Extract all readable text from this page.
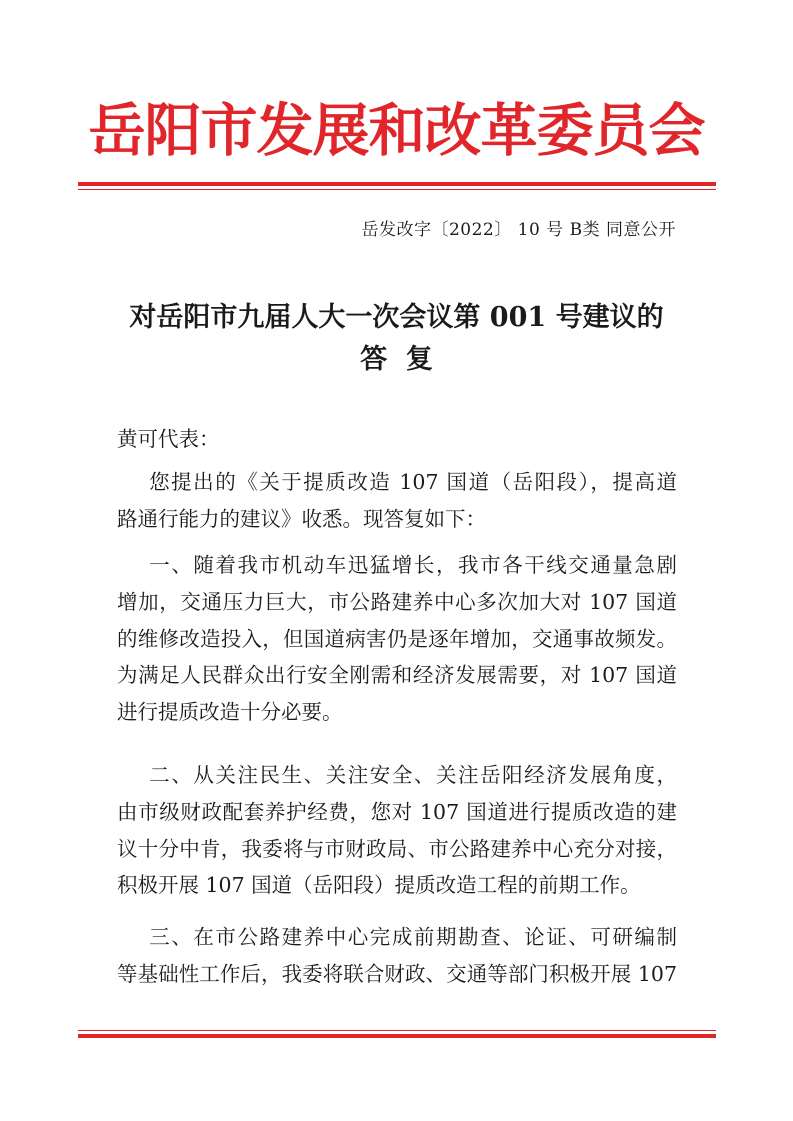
岳阳市发展和改革委员会
岳发改字〔2022〕 10 号 B类 同意公开
对岳阳市九届人大一次会议第 001 号建议的
答  复
黄可代表：
您提出的《关于提质改造 107 国道（岳阳段），提高道
路通行能力的建议》收悉。现答复如下：
一、随着我市机动车迅猛增长，我市各干线交通量急剧
增加，交通压力巨大，市公路建养中心多次加大对 107 国道
的维修改造投入，但国道病害仍是逐年增加，交通事故频发。
为满足人民群众出行安全刚需和经济发展需要，对 107 国道
进行提质改造十分必要。
二、从关注民生、关注安全、关注岳阳经济发展角度，
由市级财政配套养护经费，您对 107 国道进行提质改造的建
议十分中肯，我委将与市财政局、市公路建养中心充分对接，
积极开展 107 国道（岳阳段）提质改造工程的前期工作。
三、在市公路建养中心完成前期勘查、论证、可研编制
等基础性工作后，我委将联合财政、交通等部门积极开展 107
